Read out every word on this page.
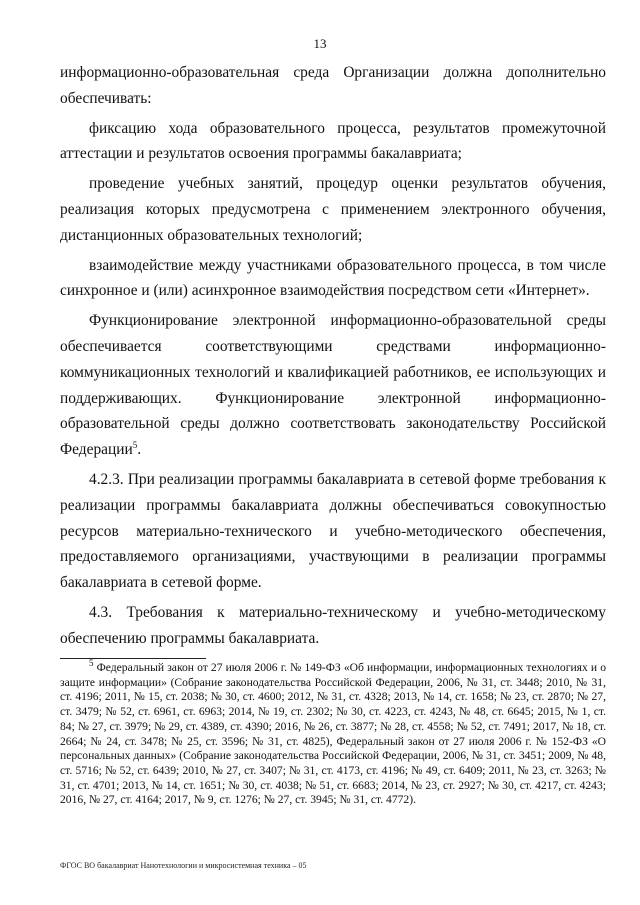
13

информационно-образовательная среда Организации должна дополнительно обеспечивать:

фиксацию хода образовательного процесса, результатов промежуточной аттестации и результатов освоения программы бакалавриата;

проведение учебных занятий, процедур оценки результатов обучения, реализация которых предусмотрена с применением электронного обучения, дистанционных образовательных технологий;

взаимодействие между участниками образовательного процесса, в том числе синхронное и (или) асинхронное взаимодействия посредством сети «Интернет».

Функционирование электронной информационно-образовательной среды обеспечивается соответствующими средствами информационно-коммуникационных технологий и квалификацией работников, ее использующих и поддерживающих. Функционирование электронной информационно-образовательной среды должно соответствовать законодательству Российской Федерации$^5$.

4.2.3. При реализации программы бакалавриата в сетевой форме требования к реализации программы бакалавриата должны обеспечиваться совокупностью ресурсов материально-технического и учебно-методического обеспечения, предоставляемого организациями, участвующими в реализации программы бакалавриата в сетевой форме.

4.3. Требования к материально-техническому и учебно-методическому обеспечению программы бакалавриата.

$^5$ Федеральный закон от 27 июля 2006 г. № 149-ФЗ «Об информации, информационных технологиях и о защите информации» (Собрание законодательства Российской Федерации, 2006, № 31, ст. 3448; 2010, № 31, ст. 4196; 2011, № 15, ст. 2038; № 30, ст. 4600; 2012, № 31, ст. 4328; 2013, № 14, ст. 1658; № 23, ст. 2870; № 27, ст. 3479; № 52, ст. 6961, ст. 6963; 2014, № 19, ст. 2302; № 30, ст. 4223, ст. 4243, № 48, ст. 6645; 2015, № 1, ст. 84; № 27, ст. 3979; № 29, ст. 4389, ст. 4390; 2016, № 26, ст. 3877; № 28, ст. 4558; № 52, ст. 7491; 2017, № 18, ст. 2664; № 24, ст. 3478; № 25, ст. 3596; № 31, ст. 4825), Федеральный закон от 27 июля 2006 г. № 152-ФЗ «О персональных данных» (Собрание законодательства Российской Федерации, 2006, № 31, ст. 3451; 2009, № 48, ст. 5716; № 52, ст. 6439; 2010, № 27, ст. 3407; № 31, ст. 4173, ст. 4196; № 49, ст. 6409; 2011, № 23, ст. 3263; № 31, ст. 4701; 2013, № 14, ст. 1651; № 30, ст. 4038; № 51, ст. 6683; 2014, № 23, ст. 2927; № 30, ст. 4217, ст. 4243; 2016, № 27, ст. 4164; 2017, № 9, ст. 1276; № 27, ст. 3945; № 31, ст. 4772).

ФГОС ВО бакалавриат Нанотехнологии и микросистемная техника – 05
